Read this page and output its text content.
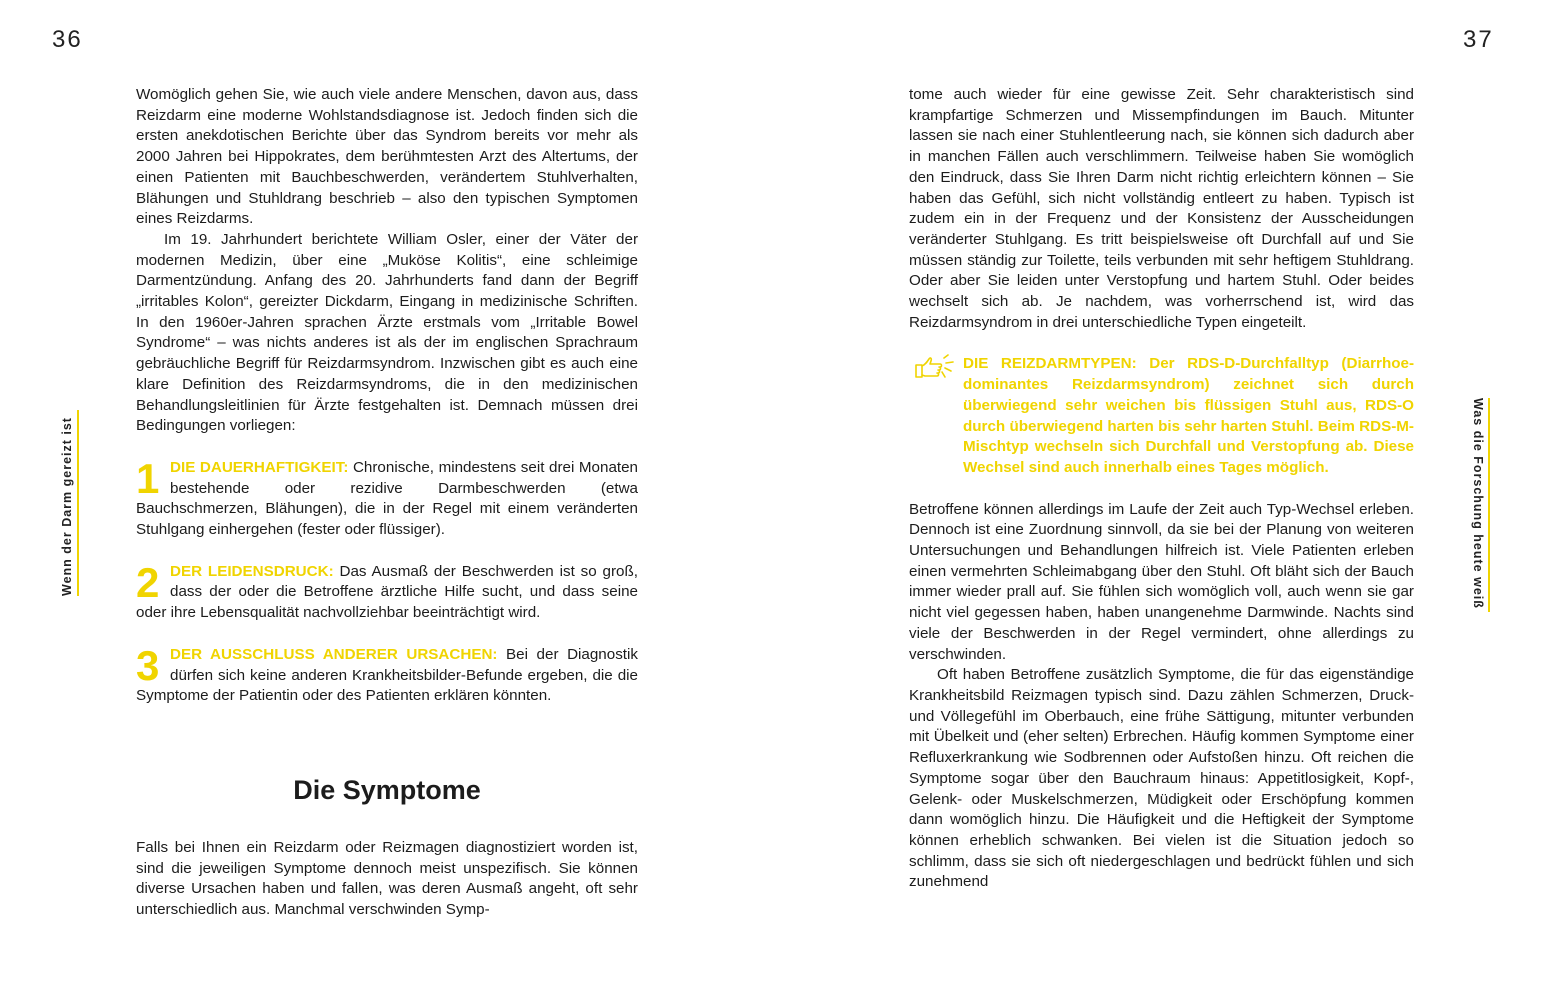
36	37
Wenn der Darm gereizt ist	Was die Forschung heute weiß

Womöglich gehen Sie, wie auch viele andere Menschen, davon aus, dass Reizdarm eine moderne Wohlstandsdiagnose ist. Jedoch finden sich die ersten anekdotischen Berichte über das Syndrom bereits vor mehr als 2000 Jahren bei Hippokrates, dem berühmtesten Arzt des Altertums, der einen Patienten mit Bauchbeschwerden, verändertem Stuhlverhalten, Blähungen und Stuhldrang beschrieb – also den typischen Symptomen eines Reizdarms.

Im 19. Jahrhundert berichtete William Osler, einer der Väter der modernen Medizin, über eine „Muköse Kolitis“, eine schleimige Darmentzündung. Anfang des 20. Jahrhunderts fand dann der Begriff „irritables Kolon“, gereizter Dickdarm, Eingang in medizinische Schriften. In den 1960er-Jahren sprachen Ärzte erstmals vom „Irritable Bowel Syndrome“ – was nichts anderes ist als der im englischen Sprachraum gebräuchliche Begriff für Reizdarmsyndrom. Inzwischen gibt es auch eine klare Definition des Reizdarmsyndroms, die in den medizinischen Behandlungsleitlinien für Ärzte festgehalten ist. Demnach müssen drei Bedingungen vorliegen:

1 DIE DAUERHAFTIGKEIT: Chronische, mindestens seit drei Monaten bestehende oder rezidive Darmbeschwerden (etwa Bauchschmerzen, Blähungen), die in der Regel mit einem veränderten Stuhlgang einhergehen (fester oder flüssiger).

2 DER LEIDENSDRUCK: Das Ausmaß der Beschwerden ist so groß, dass der oder die Betroffene ärztliche Hilfe sucht, und dass seine oder ihre Lebensqualität nachvollziehbar beeinträchtigt wird.

3 DER AUSSCHLUSS ANDERER URSACHEN: Bei der Diagnostik dürfen sich keine anderen Krankheitsbilder-Befunde ergeben, die die Symptome der Patientin oder des Patienten erklären könnten.

Die Symptome

Falls bei Ihnen ein Reizdarm oder Reizmagen diagnostiziert worden ist, sind die jeweiligen Symptome dennoch meist unspezifisch. Sie können diverse Ursachen haben und fallen, was deren Ausmaß angeht, oft sehr unterschiedlich aus. Manchmal verschwinden Symp-

tome auch wieder für eine gewisse Zeit. Sehr charakteristisch sind krampfartige Schmerzen und Missempfindungen im Bauch. Mitunter lassen sie nach einer Stuhlentleerung nach, sie können sich dadurch aber in manchen Fällen auch verschlimmern. Teilweise haben Sie womöglich den Eindruck, dass Sie Ihren Darm nicht richtig erleichtern können – Sie haben das Gefühl, sich nicht vollständig entleert zu haben. Typisch ist zudem ein in der Frequenz und der Konsistenz der Ausscheidungen veränderter Stuhlgang. Es tritt beispielsweise oft Durchfall auf und Sie müssen ständig zur Toilette, teils verbunden mit sehr heftigem Stuhldrang. Oder aber Sie leiden unter Verstopfung und hartem Stuhl. Oder beides wechselt sich ab. Je nachdem, was vorherrschend ist, wird das Reizdarmsyndrom in drei unterschiedliche Typen eingeteilt.

DIE REIZDARMTYPEN: Der RDS-D-Durchfalltyp (Diarrhoe-dominantes Reizdarmsyndrom) zeichnet sich durch überwiegend sehr weichen bis flüssigen Stuhl aus, RDS-O durch überwiegend harten bis sehr harten Stuhl. Beim RDS-M-Mischtyp wechseln sich Durchfall und Verstopfung ab. Diese Wechsel sind auch innerhalb eines Tages möglich.

Betroffene können allerdings im Laufe der Zeit auch Typ-Wechsel erleben. Dennoch ist eine Zuordnung sinnvoll, da sie bei der Planung von weiteren Untersuchungen und Behandlungen hilfreich ist. Viele Patienten erleben einen vermehrten Schleimabgang über den Stuhl. Oft bläht sich der Bauch immer wieder prall auf. Sie fühlen sich womöglich voll, auch wenn sie gar nicht viel gegessen haben, haben unangenehme Darmwinde. Nachts sind viele der Beschwerden in der Regel vermindert, ohne allerdings zu verschwinden.

Oft haben Betroffene zusätzlich Symptome, die für das eigenständige Krankheitsbild Reizmagen typisch sind. Dazu zählen Schmerzen, Druck- und Völlegefühl im Oberbauch, eine frühe Sättigung, mitunter verbunden mit Übelkeit und (eher selten) Erbrechen. Häufig kommen Symptome einer Refluxerkrankung wie Sodbrennen oder Aufstoßen hinzu. Oft reichen die Symptome sogar über den Bauchraum hinaus: Appetitlosigkeit, Kopf-, Gelenk- oder Muskelschmerzen, Müdigkeit oder Erschöpfung kommen dann womöglich hinzu. Die Häufigkeit und die Heftigkeit der Symptome können erheblich schwanken. Bei vielen ist die Situation jedoch so schlimm, dass sie sich oft niedergeschlagen und bedrückt fühlen und sich zunehmend
